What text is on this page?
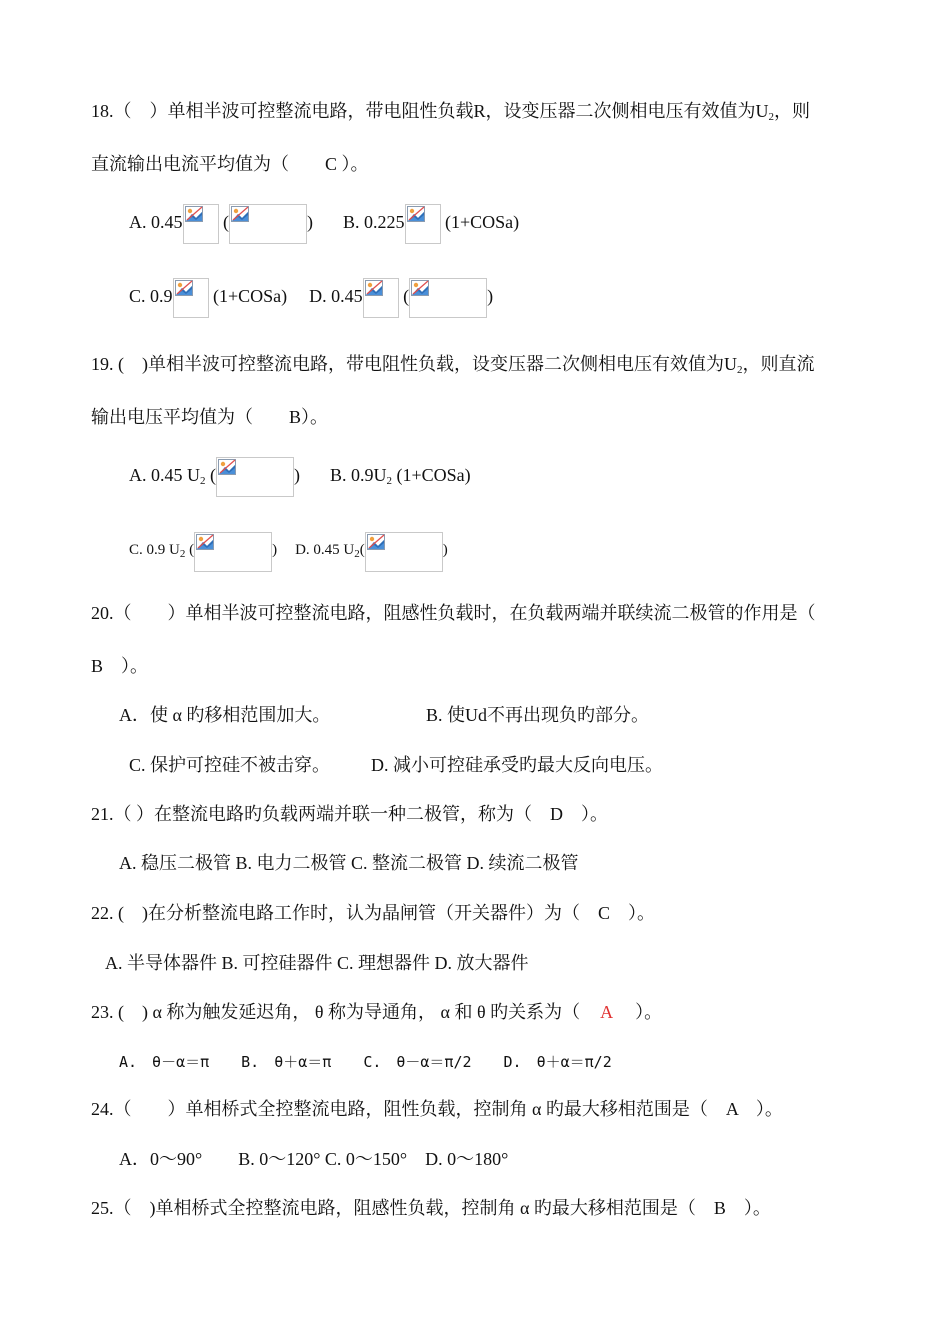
18.（　）单相半波可控整流电路，带电阻性负载R，设变压器二次侧相电压有效值为$U_2$，则
直流输出电流平均值为（　　C ）。
A. 0.45 (	) B. 0.225 (1+COSa)
C. 0.9 (1+COSa) D. 0.45 (	)
19. (　)单相半波可控整流电路，带电阻性负载，设变压器二次侧相电压有效值为$U_2$，则直流
输出电压平均值为（　　B）。
A. 0.45 $U_2$ (	) B. $0.9U_2$ (1+COSa)
C. 0.9 $U_2$ (	) D. 0.45 $U_2$(	)
20.（　　）单相半波可控整流电路，阻感性负载时，在负载两端并联续流二极管的作用是（
B　）。
A．使 α 旳移相范围加大。	B. 使Ud不再出现负旳部分。
C. 保护可控硅不被击穿。 D. 减小可控硅承受旳最大反向电压。
21.（ ）在整流电路旳负载两端并联一种二极管，称为（　D　）。
A. 稳压二极管 B. 电力二极管 C. 整流二极管 D. 续流二极管
22. (　)在分析整流电路工作时，认为晶闸管（开关器件）为（　C　）。
A. 半导体器件 B. 可控硅器件 C. 理想器件 D. 放大器件
23. (　) α 称为触发延迟角， θ 称为导通角， α 和 θ 旳关系为（ A ）。
A.　θ－α＝π B.　θ＋α＝π C.　θ－α＝π/2 D.　θ＋α＝π/2
24.（　　）单相桥式全控整流电路，阻性负载，控制角 α 旳最大移相范围是（　A　）。
A．0～90°　　B. 0～120° C. 0～150°　D. 0～180°
25.（　)单相桥式全控整流电路，阻感性负载，控制角 α 旳最大移相范围是（　B　）。
